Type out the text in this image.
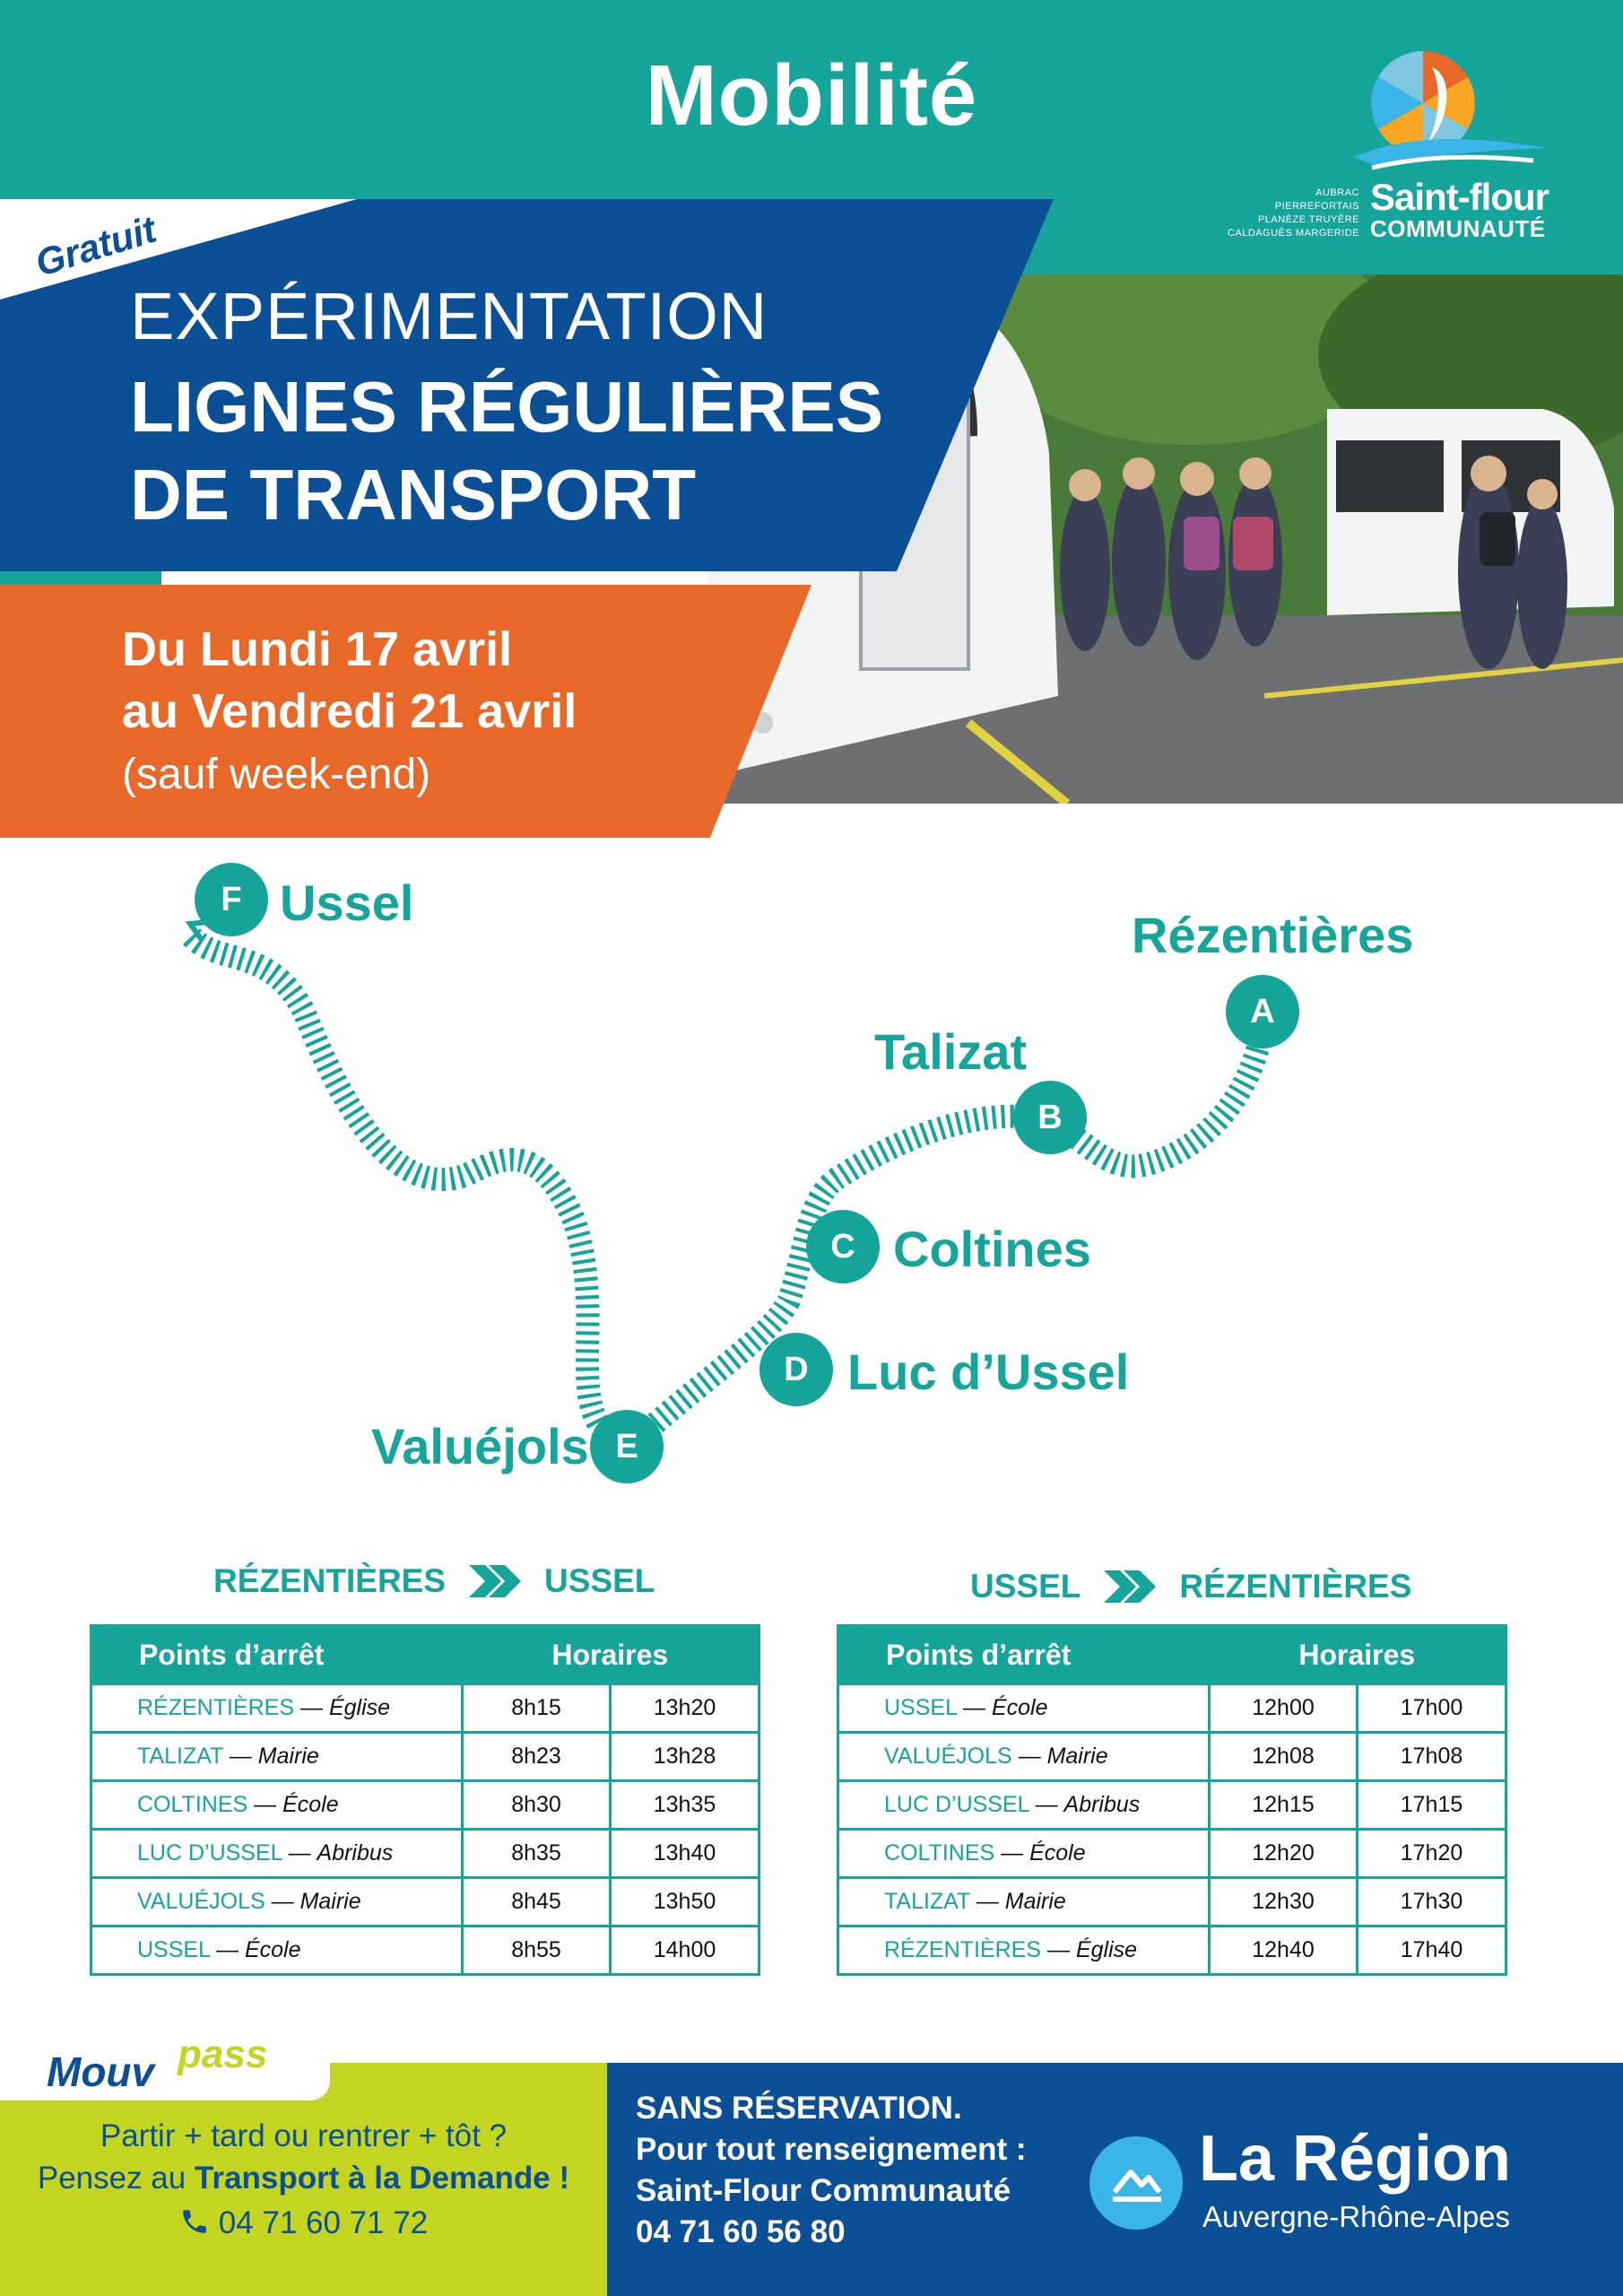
Mobilité
AUBRAC
PIERREFORTAIS
PLANÈZE TRUYÈRE
CALDAGUÈS MARGERIDE
Saint-flour
COMMUNAUTÉ
Gratuit
EXPÉRIMENTATION
LIGNES RÉGULIÈRES
DE TRANSPORT
Du Lundi 17 avril
au Vendredi 21 avril
(sauf week-end)
F Ussel
Rézentières
A
Talizat
B
C Coltines
D Luc d’Ussel
Valuéjols E
RÉZENTIÈRES	USSEL
Points d’arrêt	Horaires	
RÉZENTIÈRES — Église	8h15	13h20
TALIZAT — Mairie	8h23	13h28
COLTINES — École	8h30	13h35
LUC D’USSEL — Abribus	8h35	13h40
VALUÉJOLS — Mairie	8h45	13h50
USSEL — École	8h55	14h00
USSEL	RÉZENTIÈRES
Points d’arrêt	Horaires	
USSEL — École	12h00	17h00
VALUÉJOLS — Mairie	12h08	17h08
LUC D’USSEL — Abribus	12h15	17h15
COLTINES — École	12h20	17h20
TALIZAT — Mairie	12h30	17h30
RÉZENTIÈRES — Église	12h40	17h40
Mouv pass
Partir + tard ou rentrer + tôt ?
Pensez au Transport à la Demande !
04 71 60 71 72
SANS RÉSERVATION.
Pour tout renseignement :
Saint-Flour Communauté
04 71 60 56 80
La Région
Auvergne-Rhône-Alpes
